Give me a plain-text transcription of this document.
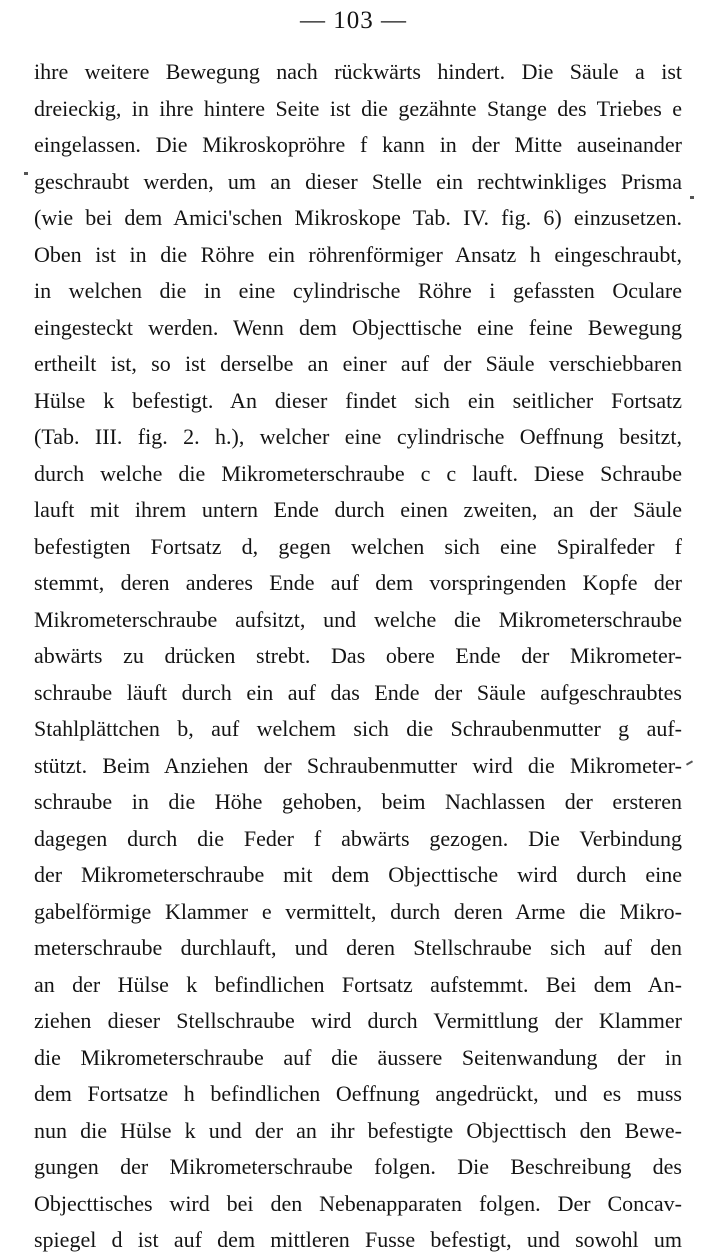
— 103 —
ihre weitere Bewegung nach rückwärts hindert. Die Säule a ist
dreieckig, in ihre hintere Seite ist die gezähnte Stange des Triebes e
eingelassen. Die Mikroskopröhre f kann in der Mitte auseinander
geschraubt werden, um an dieser Stelle ein rechtwinkliges Prisma
(wie bei dem Amici'schen Mikroskope Tab. IV. fig. 6) einzusetzen.
Oben ist in die Röhre ein röhrenförmiger Ansatz h eingeschraubt,
in welchen die in eine cylindrische Röhre i gefassten Oculare
eingesteckt werden. Wenn dem Objecttische eine feine Bewegung
ertheilt ist, so ist derselbe an einer auf der Säule verschiebbaren
Hülse k befestigt. An dieser findet sich ein seitlicher Fortsatz
(Tab. III. fig. 2. h.), welcher eine cylindrische Oeffnung besitzt,
durch welche die Mikrometerschraube c c lauft. Diese Schraube
lauft mit ihrem untern Ende durch einen zweiten, an der Säule
befestigten Fortsatz d, gegen welchen sich eine Spiralfeder f
stemmt, deren anderes Ende auf dem vorspringenden Kopfe der
Mikrometerschraube aufsitzt, und welche die Mikrometerschraube
abwärts zu drücken strebt. Das obere Ende der Mikrometer-
schraube läuft durch ein auf das Ende der Säule aufgeschraubtes
Stahlplättchen b, auf welchem sich die Schraubenmutter g auf-
stützt. Beim Anziehen der Schraubenmutter wird die Mikrometer-
schraube in die Höhe gehoben, beim Nachlassen der ersteren
dagegen durch die Feder f abwärts gezogen. Die Verbindung
der Mikrometerschraube mit dem Objecttische wird durch eine
gabelförmige Klammer e vermittelt, durch deren Arme die Mikro-
meterschraube durchlauft, und deren Stellschraube sich auf den
an der Hülse k befindlichen Fortsatz aufstemmt. Bei dem An-
ziehen dieser Stellschraube wird durch Vermittlung der Klammer
die Mikrometerschraube auf die äussere Seitenwandung der in
dem Fortsatze h befindlichen Oeffnung angedrückt, und es muss
nun die Hülse k und der an ihr befestigte Objecttisch den Bewe-
gungen der Mikrometerschraube folgen. Die Beschreibung des
Objecttisches wird bei den Nebenapparaten folgen. Der Concav-
spiegel d ist auf dem mittleren Fusse befestigt, und sowohl um
